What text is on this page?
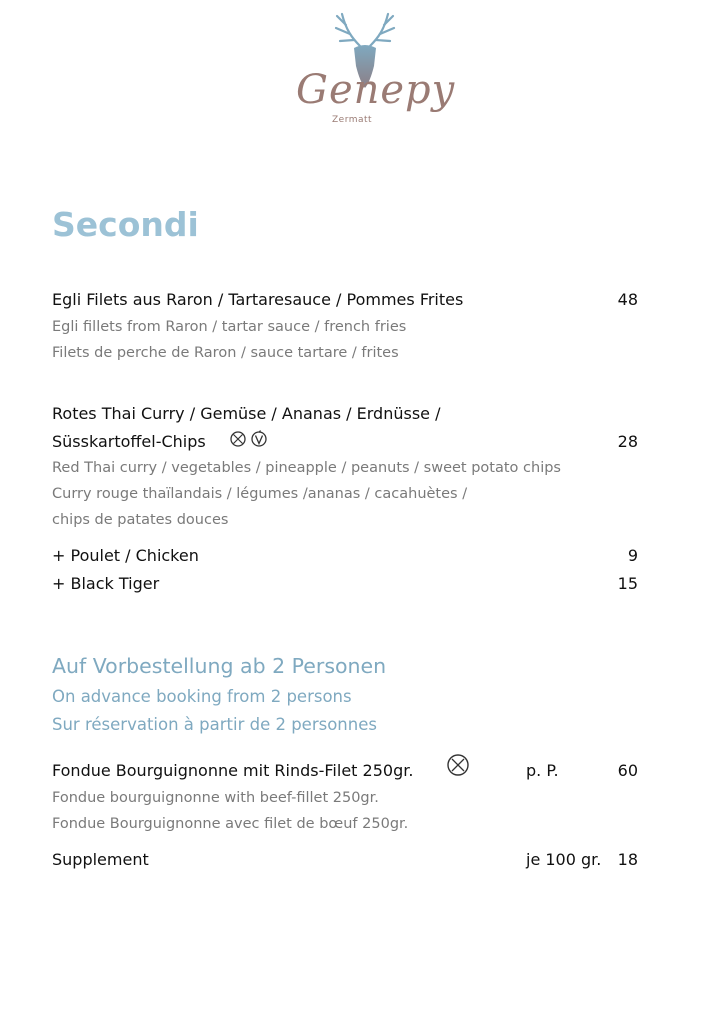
Genepy
Zermatt
Secondi
Egli Filets aus Raron / Tartaresauce / Pommes Frites	48
Egli fillets from Raron / tartar sauce / french fries
Filets de perche de Raron / sauce tartare / frites
Rotes Thai Curry / Gemüse / Ananas / Erdnüsse /
Süsskartoffel-Chips	28
Red Thai curry / vegetables / pineapple / peanuts / sweet potato chips
Curry rouge thaïlandais / légumes /ananas / cacahuètes /
chips de patates douces
+ Poulet / Chicken	9
+ Black Tiger	15
Auf Vorbestellung ab 2 Personen
On advance booking from 2 persons
Sur réservation à partir de 2 personnes
Fondue Bourguignonne mit Rinds-Filet 250gr.	p. P.	60
Fondue bourguignonne with beef-fillet 250gr.
Fondue Bourguignonne avec filet de bœuf 250gr.
Supplement	je 100 gr.	18
